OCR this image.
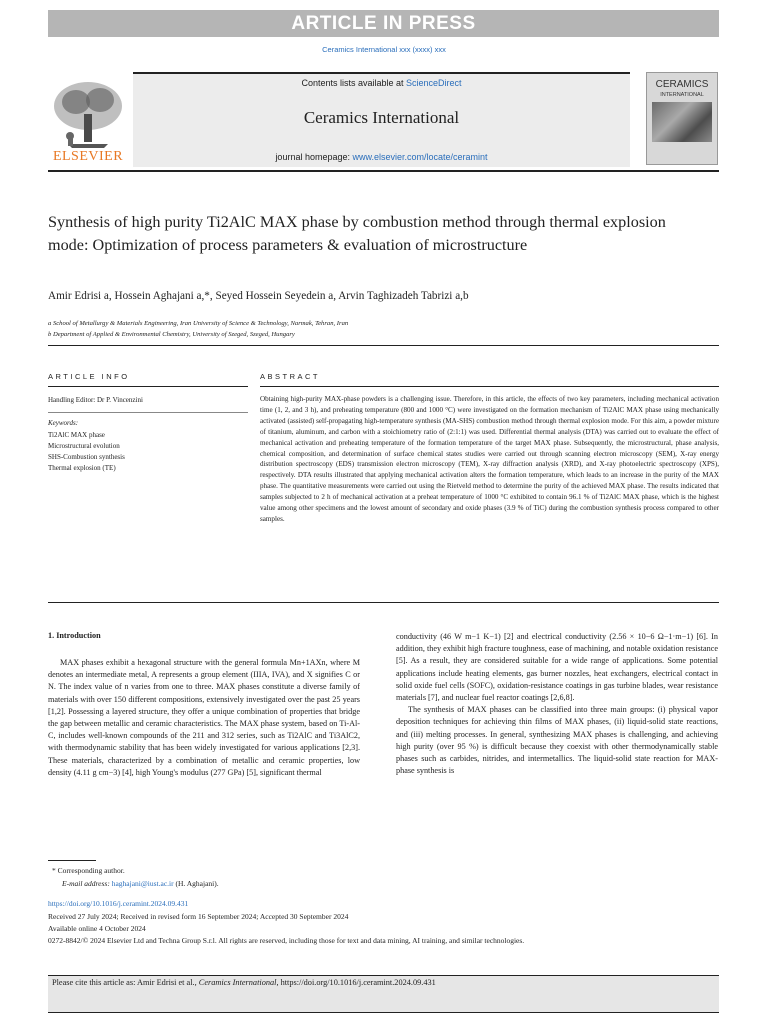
ARTICLE IN PRESS
Ceramics International xxx (xxxx) xxx
Contents lists available at ScienceDirect
Ceramics International
journal homepage: www.elsevier.com/locate/ceramint
ELSEVIER
CERAMICS
INTERNATIONAL
Synthesis of high purity Ti2AlC MAX phase by combustion method through thermal explosion mode: Optimization of process parameters & evaluation of microstructure
Amir Edrisi a, Hossein Aghajani a,*, Seyed Hossein Seyedein a, Arvin Taghizadeh Tabrizi a,b
a School of Metallurgy & Materials Engineering, Iran University of Science & Technology, Narmak, Tehran, Iran
b Department of Applied & Environmental Chemistry, University of Szeged, Szeged, Hungary
ARTICLE INFO	ABSTRACT
Handling Editor: Dr P. Vincenzini
Keywords:
Ti2AlC MAX phase
Microstructural evolution
SHS-Combustion synthesis
Thermal explosion (TE)
Obtaining high-purity MAX-phase powders is a challenging issue. Therefore, in this article, the effects of two key parameters, including mechanical activation time (1, 2, and 3 h), and preheating temperature (800 and 1000 °C) were investigated on the formation mechanism of Ti2AlC MAX phase using mechanically activated (assisted) self-propagating high-temperature synthesis (MA-SHS) combustion method through thermal explosion mode. For this aim, a powder mixture of titanium, aluminum, and carbon with a stoichiometry ratio of (2:1:1) was used. Differential thermal analysis (DTA) was carried out to evaluate the effect of mechanical activation and preheating temperature of the formation temperature of the target MAX phase. Subsequently, the microstructural, phase analysis, chemical composition, and determination of surface chemical states studies were carried out through scanning electron microscopy (SEM), X-ray energy distribution spectroscopy (EDS) transmission electron microscopy (TEM), X-ray diffraction analysis (XRD), and X-ray photoelectric spectroscopy (XPS), respectively. DTA results illustrated that applying mechanical activation alters the formation temperature, which leads to an increase in the purity of the MAX phase. The quantitative measurements were carried out using the Rietveld method to determine the purity of the achieved MAX phase. The results indicated that samples subjected to 2 h of mechanical activation at a preheat temperature of 1000 °C exhibited to contain 96.1 % of Ti2AlC MAX phase, which is the highest value among other specimens and the lowest amount of secondary and oxide phases (3.9 % of TiC) during the combustion synthesis process compared to other samples.
1. Introduction
MAX phases exhibit a hexagonal structure with the general formula Mn+1AXn, where M denotes an intermediate metal, A represents a group element (IIIA, IVA), and X signifies C or N. The index value of n varies from one to three. MAX phases constitute a diverse family of materials with over 150 different compositions, extensively investigated over the past 25 years [1,2]. Possessing a layered structure, they offer a unique combination of properties that bridge the gap between metallic and ceramic characteristics. The MAX phase system, based on Ti-Al-C, includes well-known compounds of the 211 and 312 series, such as Ti2AlC and Ti3AlC2, with thermodynamic stability that has been widely investigated for various applications [2,3]. These materials, characterized by a combination of metallic and ceramic properties, low density (4.11 g cm−3) [4], high Young's modulus (277 GPa) [5], significant thermal
conductivity (46 W m−1 K−1) [2] and electrical conductivity (2.56 × 10−6 Ω−1·m−1) [6]. In addition, they exhibit high fracture toughness, ease of machining, and notable oxidation resistance [5]. As a result, they are considered suitable for a wide range of applications. Some potential applications include heating elements, gas burner nozzles, heat exchangers, electrical contact in solid oxide fuel cells (SOFC), oxidation-resistance coatings in gas turbine blades, wear resistance materials [7], and nuclear fuel reactor coatings [2,6,8].
The synthesis of MAX phases can be classified into three main groups: (i) physical vapor deposition techniques for achieving thin films of MAX phases, (ii) liquid-solid state reactions, and (iii) melting processes. In general, synthesizing MAX phases is challenging, and achieving high purity (over 95 %) is difficult because they coexist with other thermodynamically stable phases such as carbides, nitrides, and intermetallics. The liquid-solid state reaction for MAX-phase synthesis is
* Corresponding author.
E-mail address: haghajani@iust.ac.ir (H. Aghajani).
https://doi.org/10.1016/j.ceramint.2024.09.431
Received 27 July 2024; Received in revised form 16 September 2024; Accepted 30 September 2024
Available online 4 October 2024
0272-8842/© 2024 Elsevier Ltd and Techna Group S.r.l. All rights are reserved, including those for text and data mining, AI training, and similar technologies.
Please cite this article as: Amir Edrisi et al., Ceramics International, https://doi.org/10.1016/j.ceramint.2024.09.431
